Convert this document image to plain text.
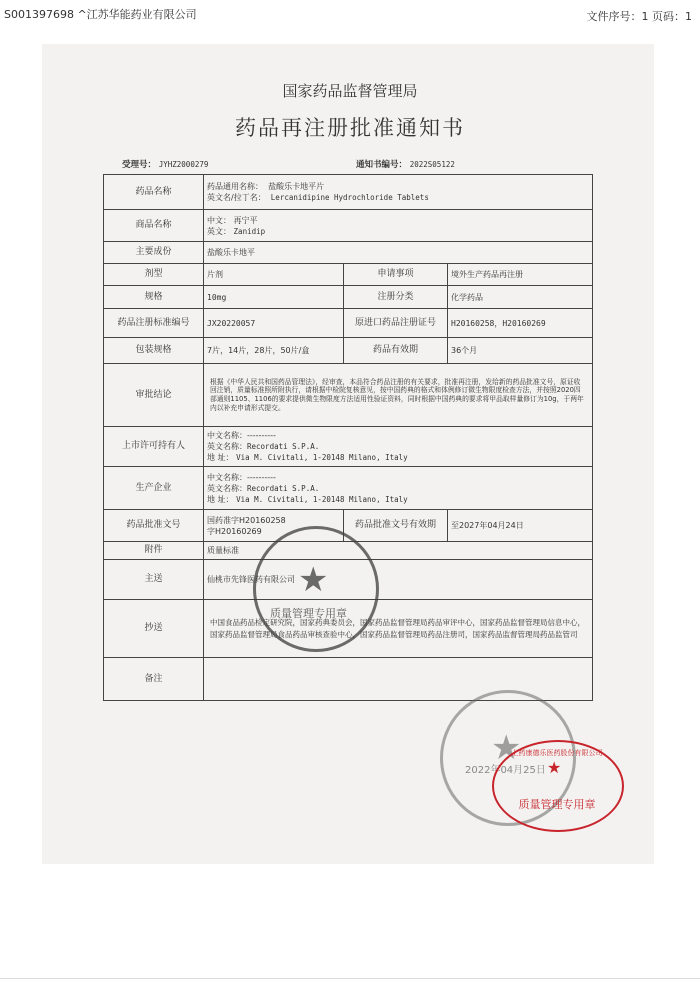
S001397698 ^江苏华能药业有限公司	文件序号：1 页码：1
国家药品监督管理局
药品再注册批准通知书
受理号： JYHZ2000279	通知书编号： 2022S05122
药品名称	药品通用名称： 盐酸乐卡地平片
英文名/拉丁名： Lercanidipine Hydrochloride Tablets		

商品名称	中文： 再宁平
英文： Zanidip		

主要成份	盐酸乐卡地平		
剂型	片剂	申请事项	境外生产药品再注册
规格	10mg	注册分类	化学药品
药品注册标准编号	JX20220057	原进口药品注册证号	H20160258，H20160269
包装规格	7片，14片，28片，50片/盒	药品有效期	36个月
审批结论	根据《中华人民共和国药品管理法》，经审查，本品符合药品注册的有关要求，批准再注册，发给新的药品批准文号，原证收回注销，质量标准照所附执行，请根据中检院复核意见，按中国药典的格式和体例修订微生物限度检查方法，并按照2020四部通则1105、1106的要求提供微生物限度方法适用性验证资料，同时根据中国药典的要求将甲品取样量修订为10g，于两年内以补充申请形式提交。		
上市许可持有人	中文名称：----------
英文名称：Recordati S.P.A.
地 址： Via M. Civitali, 1-20148 Milano, Italy		

生产企业	中文名称：----------
英文名称：Recordati S.P.A.
地 址： Via M. Civitali, 1-20148 Milano, Italy		

药品批准文号	国药准字H20160258
字H20160269	药品批准文号有效期	至2027年04月24日
附件	质量标准		
主送	仙桃市先锋医药有限公司		
抄送	中国食品药品检定研究院，国家药典委员会，国家药品监督管理局药品审评中心，国家药品监督管理局信息中心，国家药品监督管理局食品药品审核查验中心，国家药品监督管理局药品注册司，国家药品监督管理局药品监管司		
备注			
质量管理专用章
★
★
2022年04月25日
上药康德乐医药股份有限公司
★
质量管理专用章
